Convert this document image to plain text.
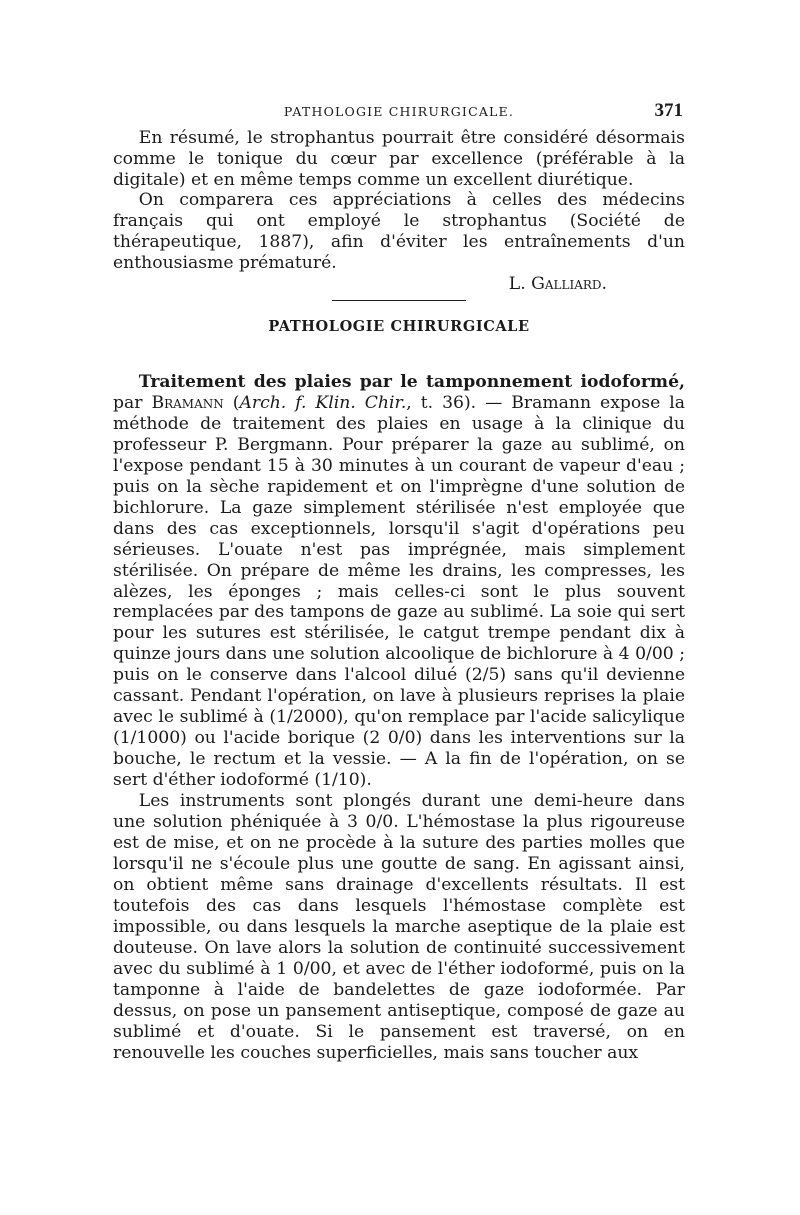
PATHOLOGIE CHIRURGICALE.	371

En résumé, le strophantus pourrait être considéré désormais comme le tonique du cœur par excellence (préférable à la digitale) et en même temps comme un excellent diurétique.

On comparera ces appréciations à celles des médecins français qui ont employé le strophantus (Société de thérapeutique, 1887), afin d'éviter les entraînements d'un enthousiasme prématuré.

L. Galliard.

PATHOLOGIE CHIRURGICALE

Traitement des plaies par le tamponnement iodoformé, par Bramann (Arch. f. Klin. Chir., t. 36). — Bramann expose la méthode de traitement des plaies en usage à la clinique du professeur P. Bergmann. Pour préparer la gaze au sublimé, on l'expose pendant 15 à 30 minutes à un courant de vapeur d'eau ; puis on la sèche rapidement et on l'imprègne d'une solution de bichlorure. La gaze simplement stérilisée n'est employée que dans des cas exceptionnels, lorsqu'il s'agit d'opérations peu sérieuses. L'ouate n'est pas imprégnée, mais simplement stérilisée. On prépare de même les drains, les compresses, les alèzes, les éponges ; mais celles-ci sont le plus souvent remplacées par des tampons de gaze au sublimé. La soie qui sert pour les sutures est stérilisée, le catgut trempe pendant dix à quinze jours dans une solution alcoolique de bichlorure à 4 0/00 ; puis on le conserve dans l'alcool dilué (2/5) sans qu'il devienne cassant. Pendant l'opération, on lave à plusieurs reprises la plaie avec le sublimé à (1/2000), qu'on remplace par l'acide salicylique (1/1000) ou l'acide borique (2 0/0) dans les interventions sur la bouche, le rectum et la vessie. — A la fin de l'opération, on se sert d'éther iodoformé (1/10).

Les instruments sont plongés durant une demi-heure dans une solution phéniquée à 3 0/0. L'hémostase la plus rigoureuse est de mise, et on ne procède à la suture des parties molles que lorsqu'il ne s'écoule plus une goutte de sang. En agissant ainsi, on obtient même sans drainage d'excellents résultats. Il est toutefois des cas dans lesquels l'hémostase complète est impossible, ou dans lesquels la marche aseptique de la plaie est douteuse. On lave alors la solution de continuité successivement avec du sublimé à 1 0/00, et avec de l'éther iodoformé, puis on la tamponne à l'aide de bandelettes de gaze iodoformée. Par dessus, on pose un pansement antiseptique, composé de gaze au sublimé et d'ouate. Si le pansement est traversé, on en renouvelle les couches superficielles, mais sans toucher aux
